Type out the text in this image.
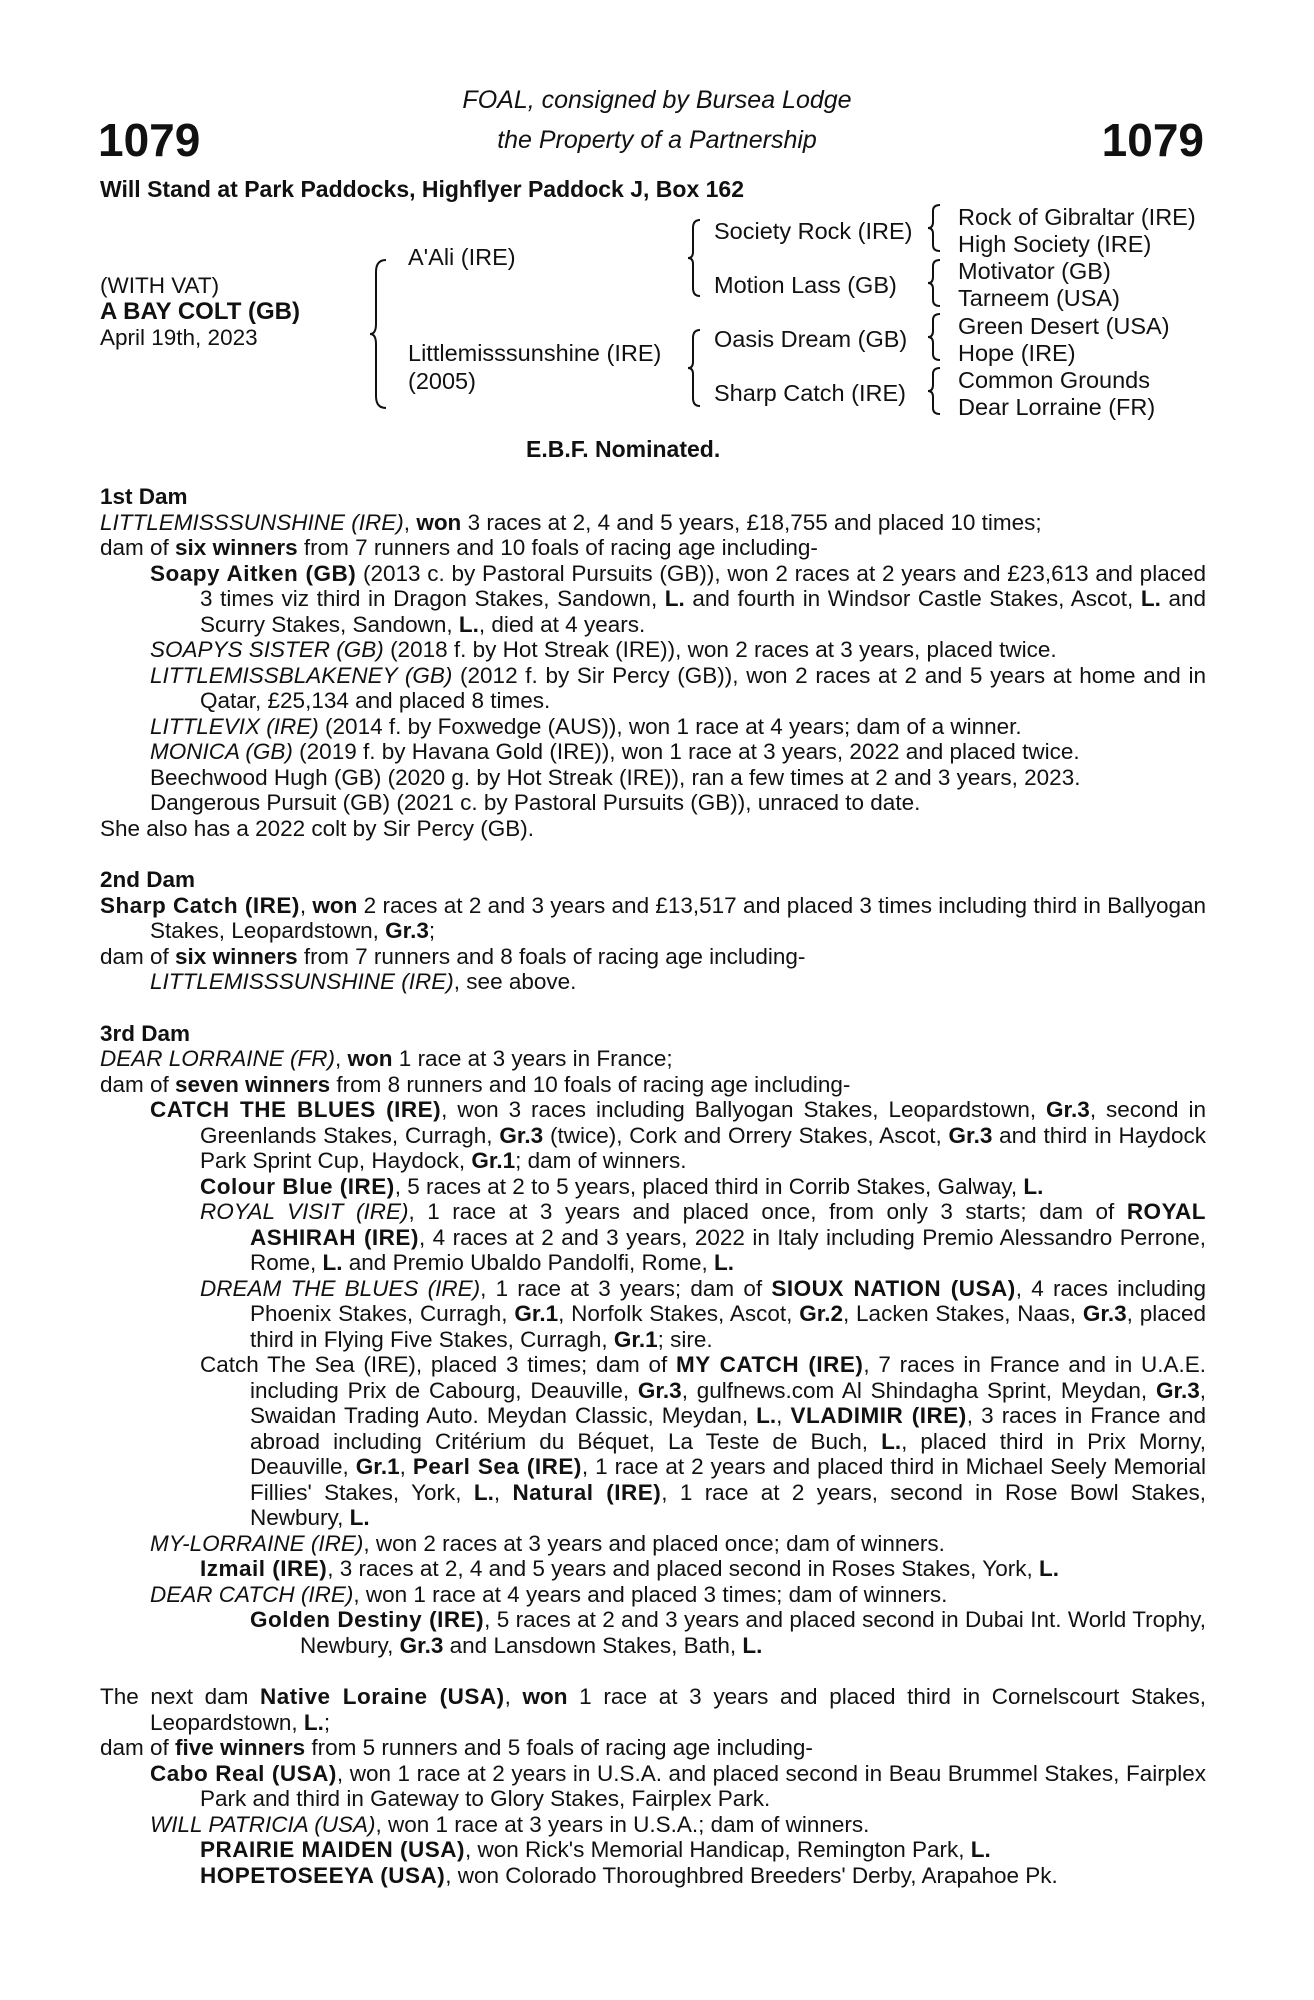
1079	1079
FOAL, consigned by Bursea Lodge
the Property of a Partnership
Will Stand at Park Paddocks, Highflyer Paddock J, Box 162
(WITH VAT)
A BAY COLT (GB)
April 19th, 2023
A'Ali (IRE)
Littlemisssunshine (IRE)
(2005)
Society Rock (IRE)
Motion Lass (GB)
Oasis Dream (GB)
Sharp Catch (IRE)
Rock of Gibraltar (IRE)
High Society (IRE)
Motivator (GB)
Tarneem (USA)
Green Desert (USA)
Hope (IRE)
Common Grounds
Dear Lorraine (FR)
E.B.F. Nominated.

1st Dam

LITTLEMISSSUNSHINE (IRE), won 3 races at 2, 4 and 5 years, £18,755 and placed 10 times;

dam of six winners from 7 runners and 10 foals of racing age including-

Soapy Aitken (GB) (2013 c. by Pastoral Pursuits (GB)), won 2 races at 2 years and £23,613 and placed 3 times viz third in Dragon Stakes, Sandown, L. and fourth in Windsor Castle Stakes, Ascot, L. and Scurry Stakes, Sandown, L., died at 4 years.

SOAPYS SISTER (GB) (2018 f. by Hot Streak (IRE)), won 2 races at 3 years, placed twice.

LITTLEMISSBLAKENEY (GB) (2012 f. by Sir Percy (GB)), won 2 races at 2 and 5 years at home and in Qatar, £25,134 and placed 8 times.

LITTLEVIX (IRE) (2014 f. by Foxwedge (AUS)), won 1 race at 4 years; dam of a winner.

MONICA (GB) (2019 f. by Havana Gold (IRE)), won 1 race at 3 years, 2022 and placed twice.

Beechwood Hugh (GB) (2020 g. by Hot Streak (IRE)), ran a few times at 2 and 3 years, 2023.

Dangerous Pursuit (GB) (2021 c. by Pastoral Pursuits (GB)), unraced to date.

She also has a 2022 colt by Sir Percy (GB).

2nd Dam

Sharp Catch (IRE), won 2 races at 2 and 3 years and £13,517 and placed 3 times including third in Ballyogan Stakes, Leopardstown, Gr.3;

dam of six winners from 7 runners and 8 foals of racing age including-

LITTLEMISSSUNSHINE (IRE), see above.

3rd Dam

DEAR LORRAINE (FR), won 1 race at 3 years in France;

dam of seven winners from 8 runners and 10 foals of racing age including-

CATCH THE BLUES (IRE), won 3 races including Ballyogan Stakes, Leopardstown, Gr.3, second in Greenlands Stakes, Curragh, Gr.3 (twice), Cork and Orrery Stakes, Ascot, Gr.3 and third in Haydock Park Sprint Cup, Haydock, Gr.1; dam of winners.

Colour Blue (IRE), 5 races at 2 to 5 years, placed third in Corrib Stakes, Galway, L.

ROYAL VISIT (IRE), 1 race at 3 years and placed once, from only 3 starts; dam of ROYAL ASHIRAH (IRE), 4 races at 2 and 3 years, 2022 in Italy including Premio Alessandro Perrone, Rome, L. and Premio Ubaldo Pandolfi, Rome, L.

DREAM THE BLUES (IRE), 1 race at 3 years; dam of SIOUX NATION (USA), 4 races including Phoenix Stakes, Curragh, Gr.1, Norfolk Stakes, Ascot, Gr.2, Lacken Stakes, Naas, Gr.3, placed third in Flying Five Stakes, Curragh, Gr.1; sire.

Catch The Sea (IRE), placed 3 times; dam of MY CATCH (IRE), 7 races in France and in U.A.E. including Prix de Cabourg, Deauville, Gr.3, gulfnews.com Al Shindagha Sprint, Meydan, Gr.3, Swaidan Trading Auto. Meydan Classic, Meydan, L., VLADIMIR (IRE), 3 races in France and abroad including Critérium du Béquet, La Teste de Buch, L., placed third in Prix Morny, Deauville, Gr.1, Pearl Sea (IRE), 1 race at 2 years and placed third in Michael Seely Memorial Fillies' Stakes, York, L., Natural (IRE), 1 race at 2 years, second in Rose Bowl Stakes, Newbury, L.

MY-LORRAINE (IRE), won 2 races at 3 years and placed once; dam of winners.

Izmail (IRE), 3 races at 2, 4 and 5 years and placed second in Roses Stakes, York, L.

DEAR CATCH (IRE), won 1 race at 4 years and placed 3 times; dam of winners.

Golden Destiny (IRE), 5 races at 2 and 3 years and placed second in Dubai Int. World Trophy, Newbury, Gr.3 and Lansdown Stakes, Bath, L.

The next dam Native Loraine (USA), won 1 race at 3 years and placed third in Cornelscourt Stakes, Leopardstown, L.;

dam of five winners from 5 runners and 5 foals of racing age including-

Cabo Real (USA), won 1 race at 2 years in U.S.A. and placed second in Beau Brummel Stakes, Fairplex Park and third in Gateway to Glory Stakes, Fairplex Park.

WILL PATRICIA (USA), won 1 race at 3 years in U.S.A.; dam of winners.

PRAIRIE MAIDEN (USA), won Rick's Memorial Handicap, Remington Park, L.

HOPETOSEEYA (USA), won Colorado Thoroughbred Breeders' Derby, Arapahoe Pk.
